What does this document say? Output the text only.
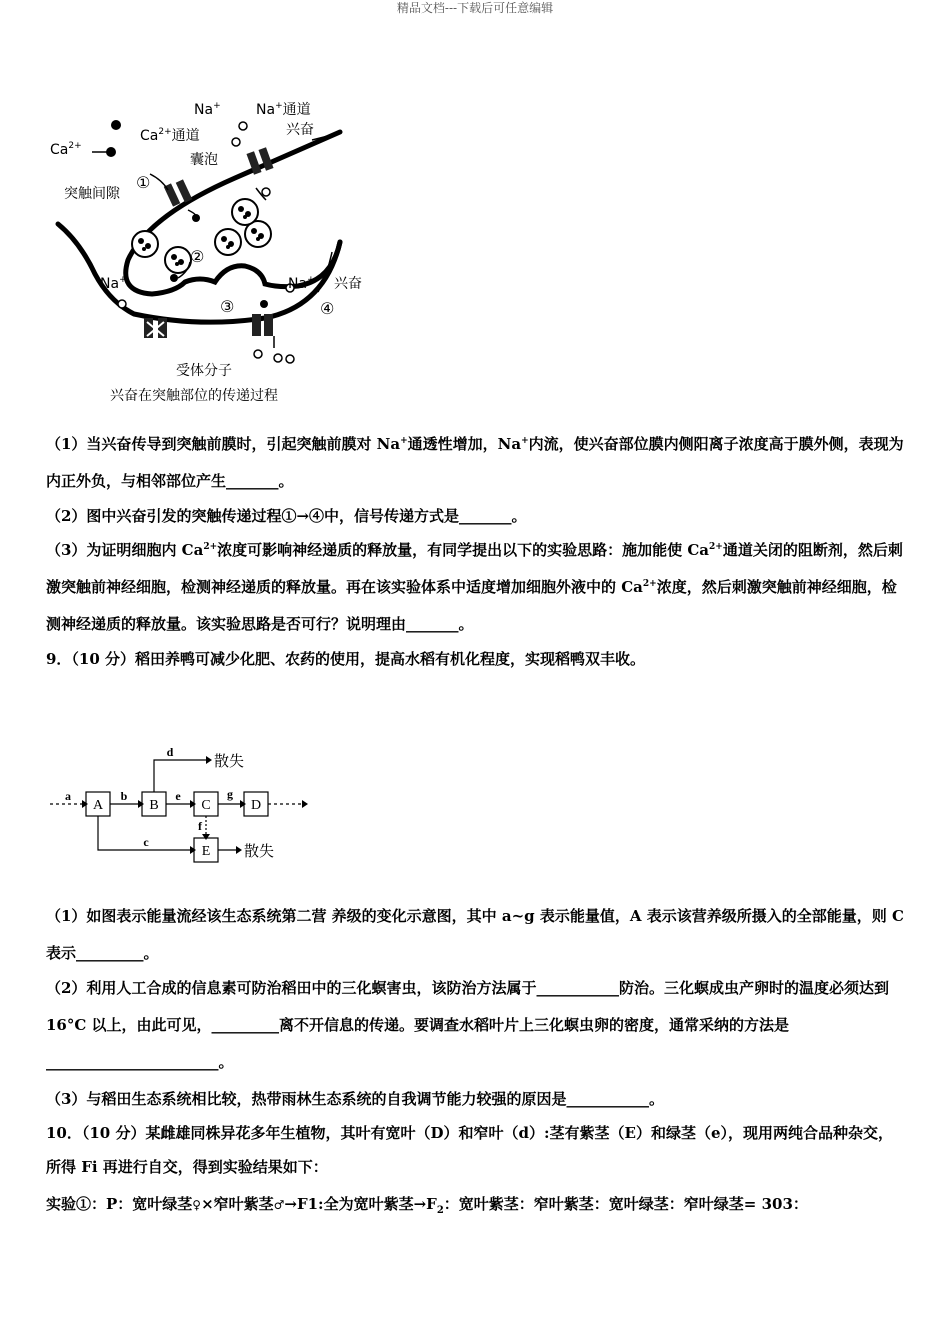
精品文档---下载后可任意编辑
$Ca^{2+}$
$Ca^{2+}$通道
Na+	Na+通道
兴奋
囊泡
突触间隙
Na+	Na+ 兴奋
①
②
③	④
受体分子
兴奋在突触部位的传递过程

（1）当兴奋传导到突触前膜时，引起突触前膜对 Na+通透性增加，Na+内流，使兴奋部位膜内侧阳离子浓度高于膜外侧，表现为内正外负，与相邻部位产生_______。

（2）图中兴奋引发的突触传递过程①→④中，信号传递方式是_______。

（3）为证明细胞内 $Ca^{2+}$浓度可影响神经递质的释放量，有同学提出以下的实验思路：施加能使 $Ca^{2+}$通道关闭的阻断剂，然后刺激突触前神经细胞，检测神经递质的释放量。再在该实验体系中适度增加细胞外液中的 $Ca^{2+}$浓度，然后刺激突触前神经细胞，检测神经递质的释放量。该实验思路是否可行？说明理由_______。

9．（10 分）稻田养鸭可减少化肥、农药的使用，提高水稻有机化程度，实现稻鸭双丰收。

A	B	C	D
E
a	b
c
d
e
f
g
散失
散失

（1）如图表示能量流经该生态系统第二营 养级的变化示意图，其中 a~g 表示能量值，A 表示该营养级所摄入的全部能量，则 C 表示_________。

（2）利用人工合成的信息素可防治稻田中的三化螟害虫，该防治方法属于___________防治。三化螟成虫产卵时的温度必须达到 16°C 以上，由此可见，_________离不开信息的传递。要调查水稻叶片上三化螟虫卵的密度，通常采纳的方法是_______________________。

（3）与稻田生态系统相比较，热带雨林生态系统的自我调节能力较强的原因是___________。

10．（10 分）某雌雄同株异花多年生植物，其叶有宽叶（D）和窄叶（d）:茎有紫茎（E）和绿茎（e），现用两纯合品种杂交，所得 Fi 再进行自交，得到实验结果如下：

实验①：P：宽叶绿茎♀×窄叶紫茎♂→F1:全为宽叶紫茎$\to F_2$：宽叶紫茎：窄叶紫茎：宽叶绿茎：窄叶绿茎= 303：
